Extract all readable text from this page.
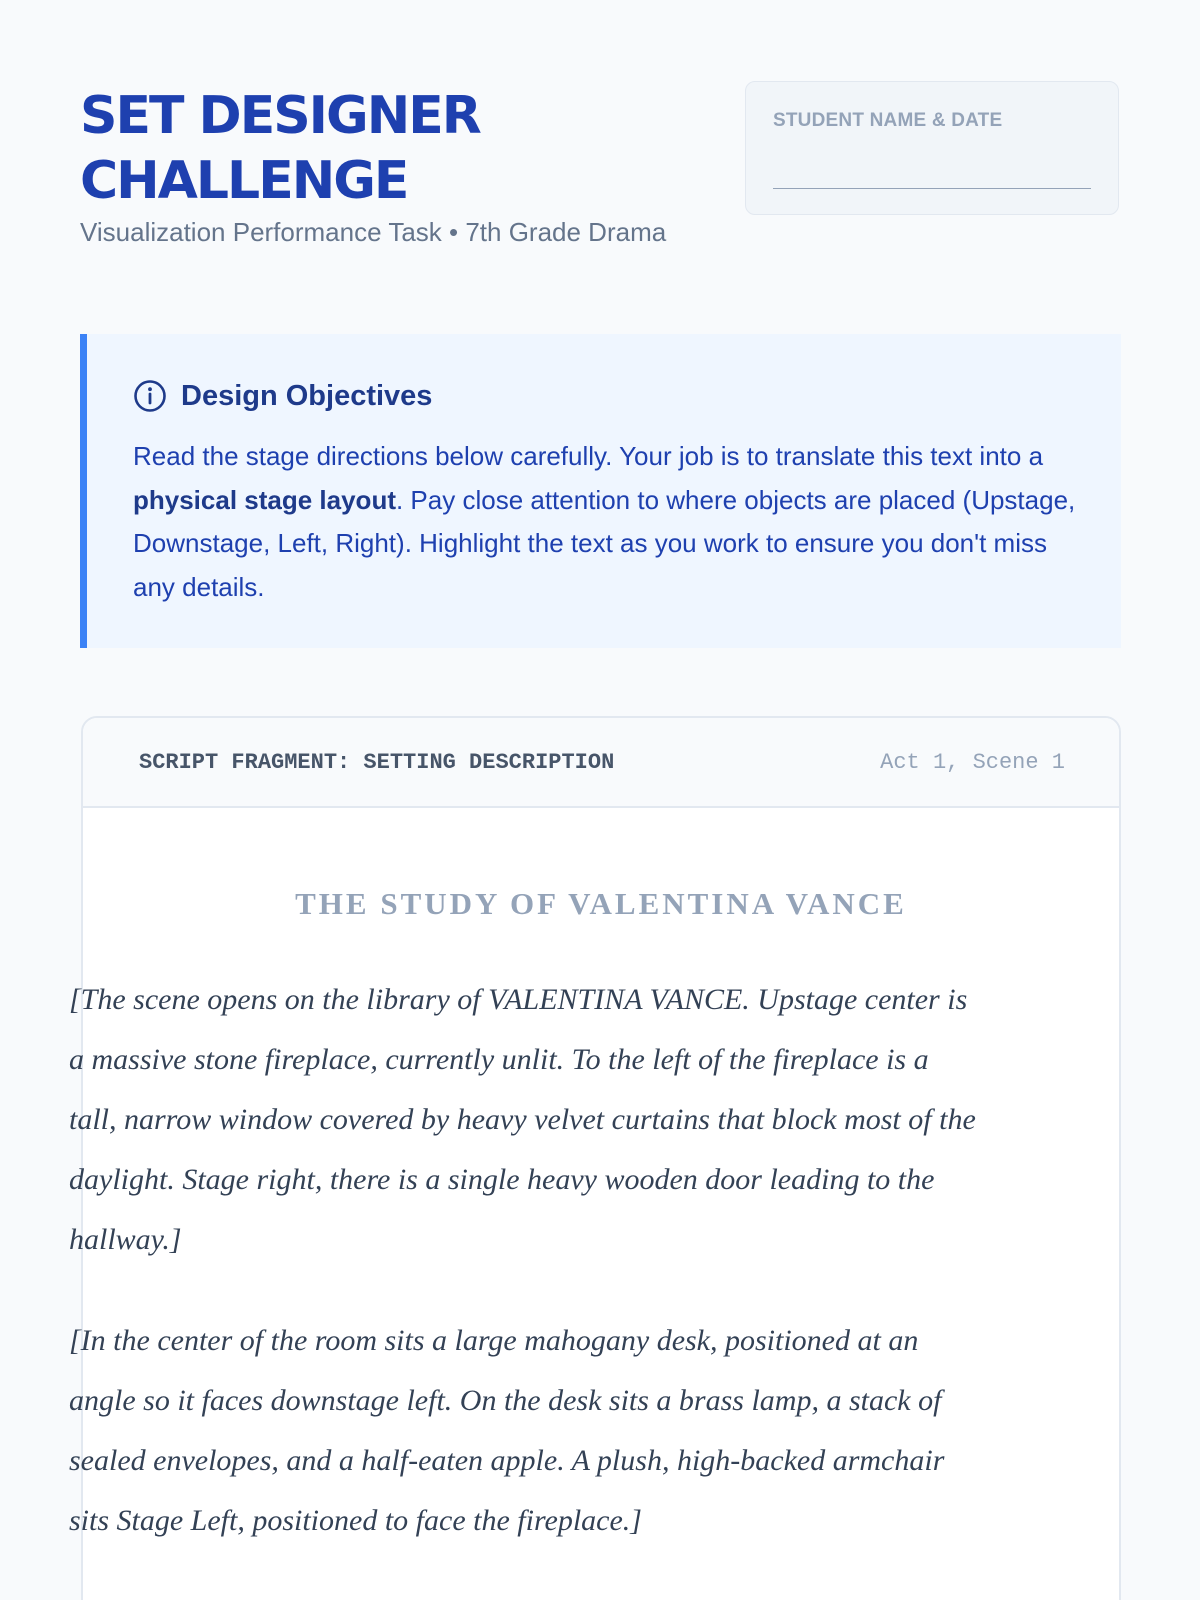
SET DESIGNER
CHALLENGE

Visualization Performance Task • 7th Grade Drama

STUDENT NAME & DATE
Design Objectives

Read the stage directions below carefully. Your job is to translate this text into a physical stage layout. Pay close attention to where objects are placed (Upstage, Downstage, Left, Right). Highlight the text as you work to ensure you don't miss any details.

SCRIPT FRAGMENT: SETTING DESCRIPTION	Act 1, Scene 1
THE STUDY OF VALENTINA VANCE

[The scene opens on the library of VALENTINA VANCE. Upstage center is a massive stone fireplace, currently unlit. To the left of the fireplace is a tall, narrow window covered by heavy velvet curtains that block most of the daylight. Stage right, there is a single heavy wooden door leading to the hallway.]

[In the center of the room sits a large mahogany desk, positioned at an angle so it faces downstage left. On the desk sits a brass lamp, a stack of sealed envelopes, and a half-eaten apple. A plush, high-backed armchair sits Stage Left, positioned to face the fireplace.]
